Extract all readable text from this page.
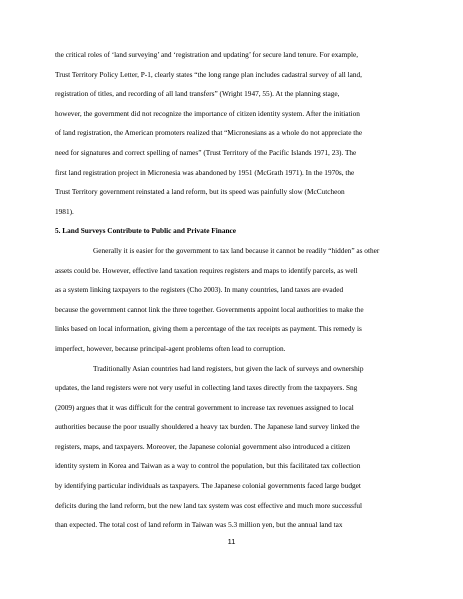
the critical roles of ‘land surveying’ and ‘registration and updating’ for secure land tenure. For example,
Trust Territory Policy Letter, P-1, clearly states “the long range plan includes cadastral survey of all land,
registration of titles, and recording of all land transfers” (Wright 1947, 55). At the planning stage,
however, the government did not recognize the importance of citizen identity system. After the initiation
of land registration, the American promoters realized that “Micronesians as a whole do not appreciate the
need for signatures and correct spelling of names” (Trust Territory of the Pacific Islands 1971, 23). The
first land registration project in Micronesia was abandoned by 1951 (McGrath 1971). In the 1970s, the
Trust Territory government reinstated a land reform, but its speed was painfully slow (McCutcheon
1981).
5. Land Surveys Contribute to Public and Private Finance
Generally it is easier for the government to tax land because it cannot be readily “hidden” as other
assets could be. However, effective land taxation requires registers and maps to identify parcels, as well
as a system linking taxpayers to the registers (Cho 2003). In many countries, land taxes are evaded
because the government cannot link the three together. Governments appoint local authorities to make the
links based on local information, giving them a percentage of the tax receipts as payment. This remedy is
imperfect, however, because principal-agent problems often lead to corruption.
Traditionally Asian countries had land registers, but given the lack of surveys and ownership
updates, the land registers were not very useful in collecting land taxes directly from the taxpayers. Sng
(2009) argues that it was difficult for the central government to increase tax revenues assigned to local
authorities because the poor usually shouldered a heavy tax burden. The Japanese land survey linked the
registers, maps, and taxpayers. Moreover, the Japanese colonial government also introduced a citizen
identity system in Korea and Taiwan as a way to control the population, but this facilitated tax collection
by identifying particular individuals as taxpayers. The Japanese colonial governments faced large budget
deficits during the land reform, but the new land tax system was cost effective and much more successful
than expected. The total cost of land reform in Taiwan was 5.3 million yen, but the annual land tax
11
